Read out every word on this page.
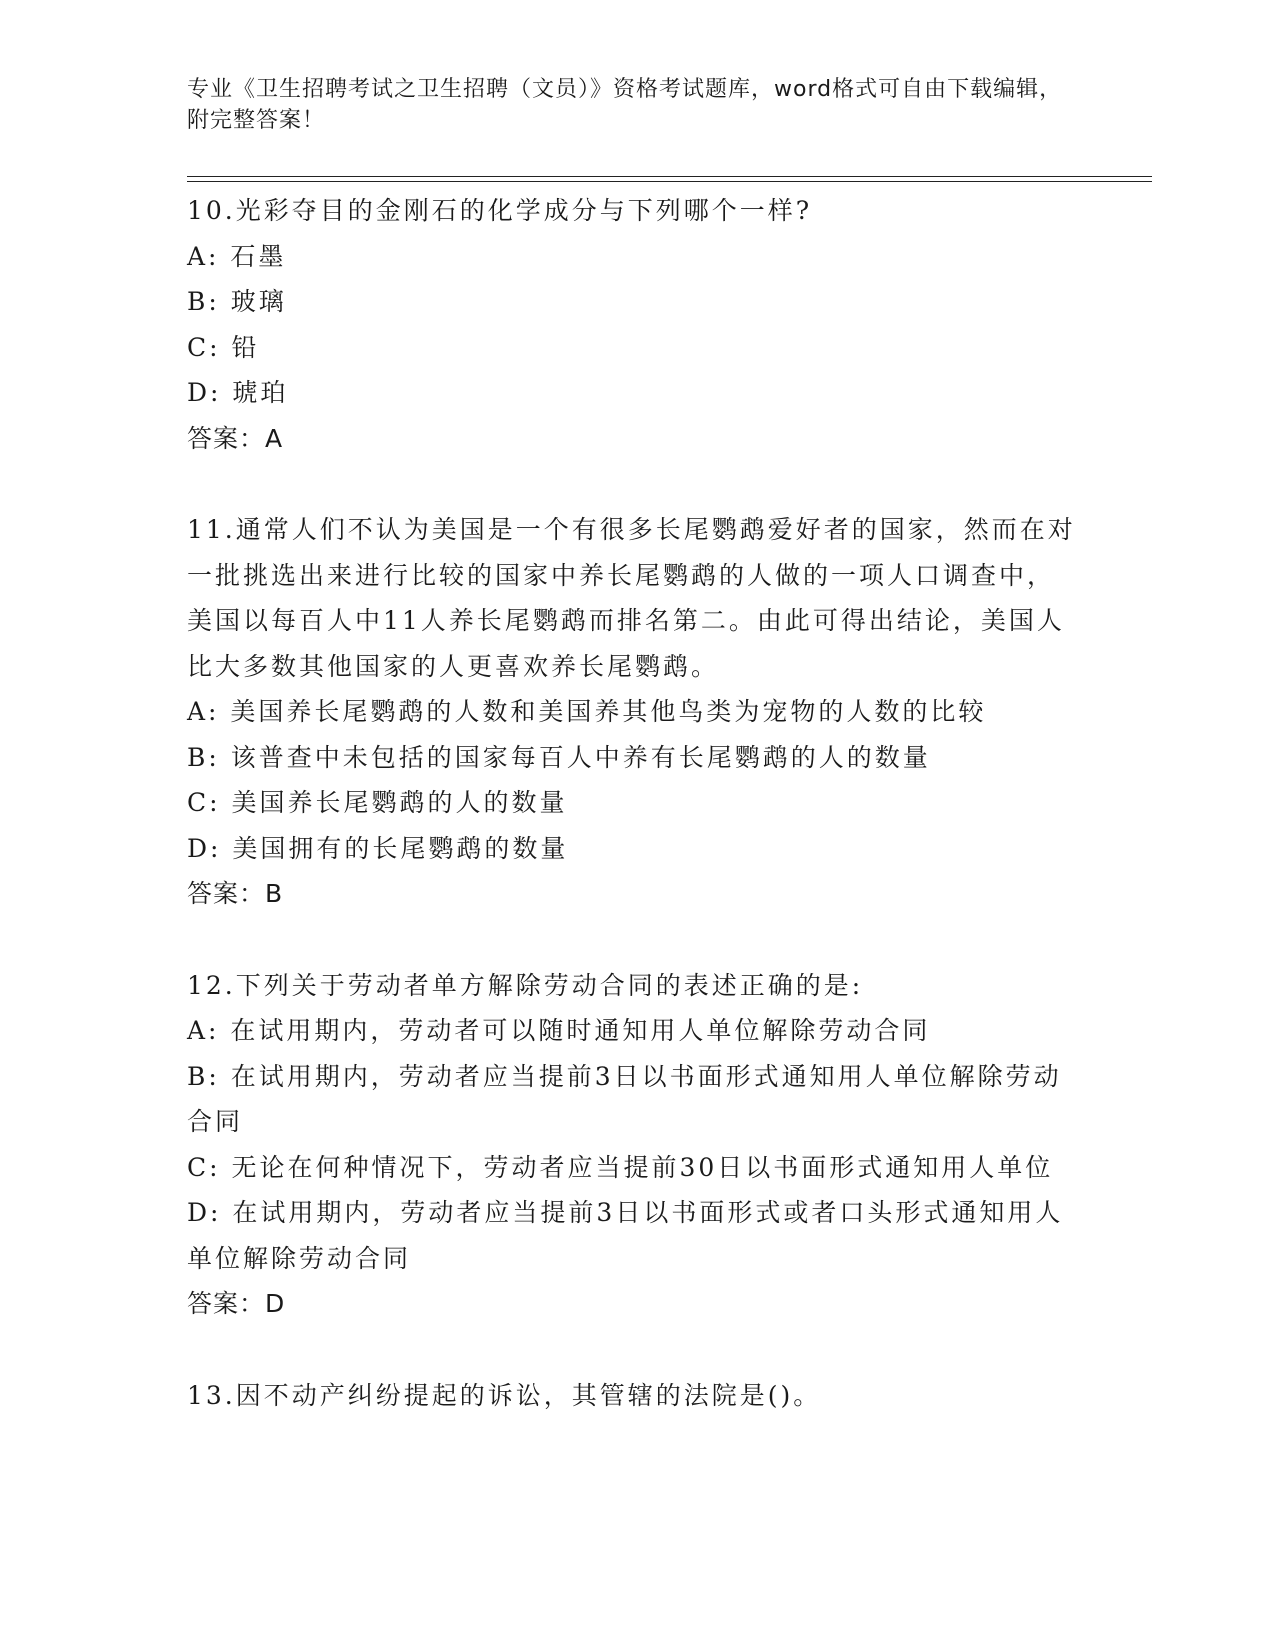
专业《卫生招聘考试之卫生招聘（文员）》资格考试题库，word格式可自由下载编辑，附完整答案！

10.光彩夺目的金刚石的化学成分与下列哪个一样?

A: 石墨

B: 玻璃

C: 铅

D: 琥珀

答案：A

11.通常人们不认为美国是一个有很多长尾鹦鹉爱好者的国家，然而在对一批挑选出来进行比较的国家中养长尾鹦鹉的人做的一项人口调查中，美国以每百人中11人养长尾鹦鹉而排名第二。由此可得出结论，美国人比大多数其他国家的人更喜欢养长尾鹦鹉。

A: 美国养长尾鹦鹉的人数和美国养其他鸟类为宠物的人数的比较

B: 该普查中未包括的国家每百人中养有长尾鹦鹉的人的数量

C: 美国养长尾鹦鹉的人的数量

D: 美国拥有的长尾鹦鹉的数量

答案：B

12.下列关于劳动者单方解除劳动合同的表述正确的是:

A: 在试用期内，劳动者可以随时通知用人单位解除劳动合同

B: 在试用期内，劳动者应当提前3日以书面形式通知用人单位解除劳动合同

C: 无论在何种情况下，劳动者应当提前30日以书面形式通知用人单位

D: 在试用期内，劳动者应当提前3日以书面形式或者口头形式通知用人单位解除劳动合同

答案：D

13.因不动产纠纷提起的诉讼，其管辖的法院是()。
